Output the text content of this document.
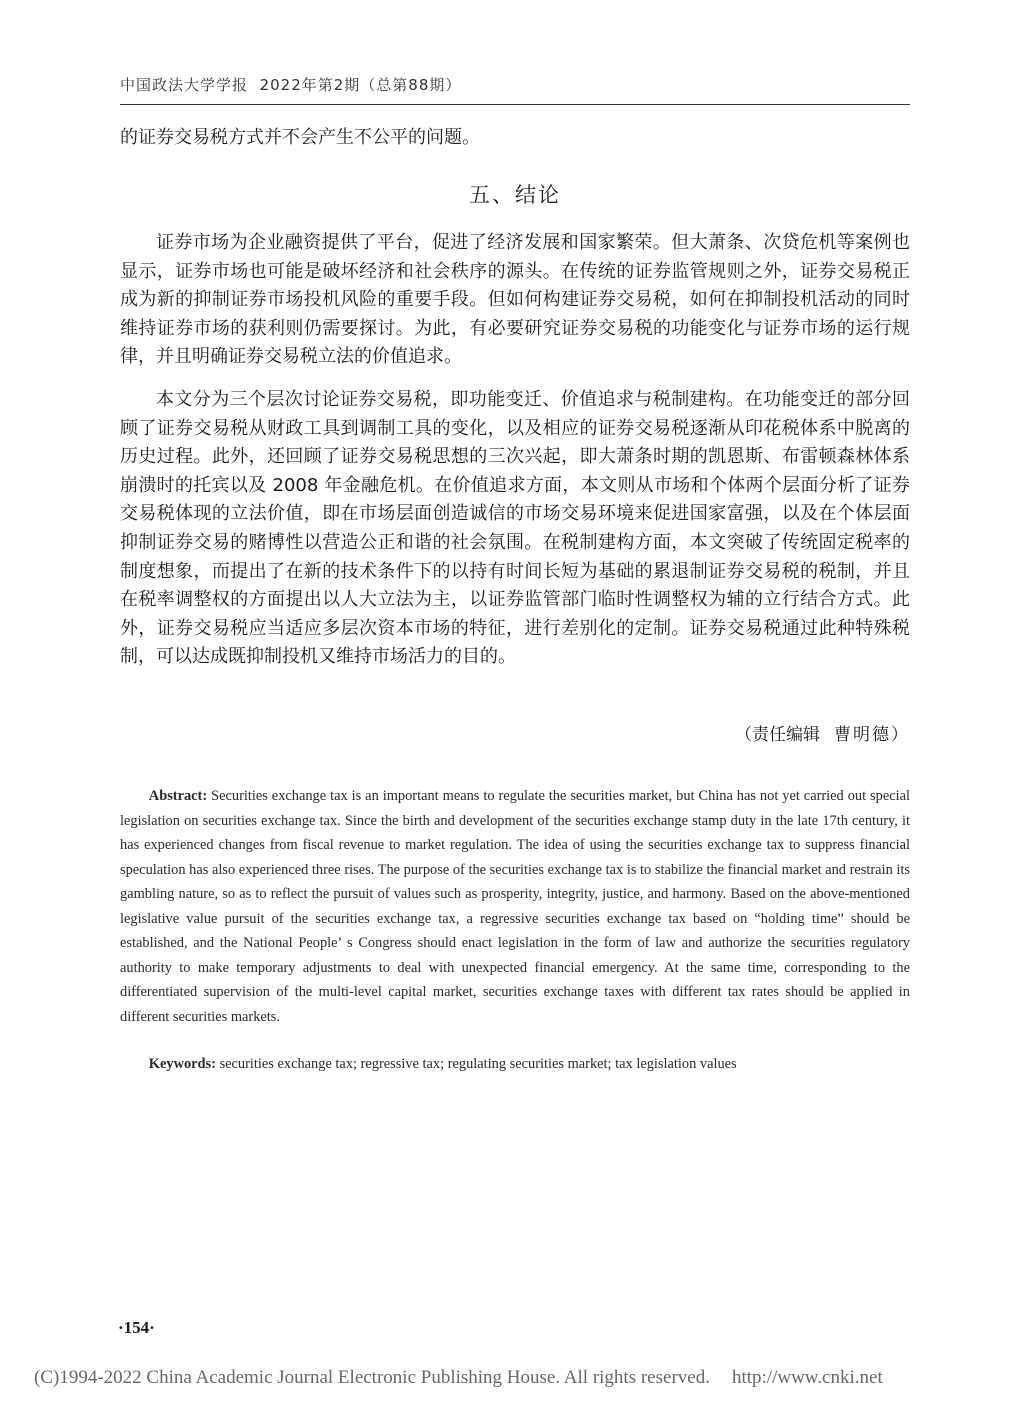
中国政法大学学报 2022年第2期（总第88期）
的证券交易税方式并不会产生不公平的问题。
五、结论

证券市场为企业融资提供了平台，促进了经济发展和国家繁荣。但大萧条、次贷危机等案例也显示，证券市场也可能是破坏经济和社会秩序的源头。在传统的证券监管规则之外，证券交易税正成为新的抑制证券市场投机风险的重要手段。但如何构建证券交易税，如何在抑制投机活动的同时维持证券市场的获利则仍需要探讨。为此，有必要研究证券交易税的功能变化与证券市场的运行规律，并且明确证券交易税立法的价值追求。

本文分为三个层次讨论证券交易税，即功能变迁、价值追求与税制建构。在功能变迁的部分回顾了证券交易税从财政工具到调制工具的变化，以及相应的证券交易税逐渐从印花税体系中脱离的历史过程。此外，还回顾了证券交易税思想的三次兴起，即大萧条时期的凯恩斯、布雷顿森林体系崩溃时的托宾以及 2008 年金融危机。在价值追求方面，本文则从市场和个体两个层面分析了证券交易税体现的立法价值，即在市场层面创造诚信的市场交易环境来促进国家富强，以及在个体层面抑制证券交易的赌博性以营造公正和谐的社会氛围。在税制建构方面，本文突破了传统固定税率的制度想象，而提出了在新的技术条件下的以持有时间长短为基础的累退制证券交易税的税制，并且在税率调整权的方面提出以人大立法为主，以证券监管部门临时性调整权为辅的立行结合方式。此外，证券交易税应当适应多层次资本市场的特征，进行差别化的定制。证券交易税通过此种特殊税制，可以达成既抑制投机又维持市场活力的目的。

（责任编辑 曹明德）
Abstract: Securities exchange tax is an important means to regulate the securities market, but China has not yet carried out special legislation on securities exchange tax. Since the birth and development of the securities exchange stamp duty in the late 17th century, it has experienced changes from fiscal revenue to market regulation. The idea of using the securities exchange tax to suppress financial speculation has also experienced three rises. The purpose of the securities exchange tax is to stabilize the financial market and restrain its gambling nature, so as to reflect the pursuit of values such as prosperity, integrity, justice, and harmony. Based on the above-mentioned legislative value pursuit of the securities exchange tax, a regressive securities exchange tax based on “holding time” should be established, and the National People’ s Congress should enact legislation in the form of law and authorize the securities regulatory authority to make temporary adjustments to deal with unexpected financial emergency. At the same time, corresponding to the differentiated supervision of the multi-level capital market, securities exchange taxes with different tax rates should be applied in different securities markets.
Keywords: securities exchange tax; regressive tax; regulating securities market; tax legislation values
·154·
(C)1994-2022 China Academic Journal Electronic Publishing House. All rights reserved. http://www.cnki.net
